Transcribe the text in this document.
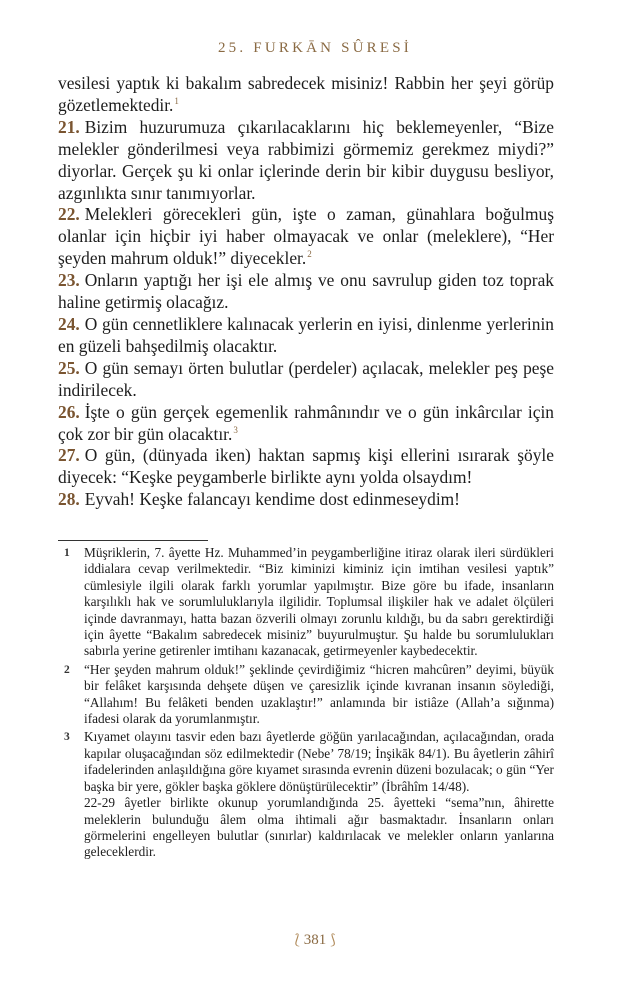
25. FURKĀN SÛRESİ

vesilesi yaptık ki bakalım sabredecek misiniz! Rabbin her şeyi görüp gözetlemektedir.$^1$

21. Bizim huzurumuza çıkarılacaklarını hiç beklemeyenler, “Bize melekler gönderilmesi veya rabbimizi görmemiz gerekmez miydi?” diyorlar. Gerçek şu ki onlar içlerinde derin bir kibir duygusu besliyor, azgınlıkta sınır tanımıyorlar.

22. Melekleri görecekleri gün, işte o zaman, günahlara boğulmuş olanlar için hiçbir iyi haber olmayacak ve onlar (meleklere), “Her şeyden mahrum olduk!” diyecekler.$^2$

23. Onların yaptığı her işi ele almış ve onu savrulup giden toz toprak haline getirmiş olacağız.

24. O gün cennetliklere kalınacak yerlerin en iyisi, dinlenme yerlerinin en güzeli bahşedilmiş olacaktır.

25. O gün semayı örten bulutlar (perdeler) açılacak, melekler peş peşe indirilecek.

26. İşte o gün gerçek egemenlik rahmânındır ve o gün inkârcılar için çok zor bir gün olacaktır.$^3$

27. O gün, (dünyada iken) haktan sapmış kişi ellerini ısırarak şöyle diyecek: “Keşke peygamberle birlikte aynı yolda olsaydım!

28. Eyvah! Keşke falancayı kendime dost edinmeseydim!

1	Müşriklerin, 7. âyette Hz. Muhammed’in peygamberliğine itiraz olarak ileri sürdükleri iddialara cevap verilmektedir. “Biz kiminizi kiminiz için imtihan vesilesi yaptık” cümlesiyle ilgili olarak farklı yorumlar yapılmıştır. Bize göre bu ifade, insanların karşılıklı hak ve sorumluluklarıyla ilgilidir. Toplumsal ilişkiler hak ve adalet ölçüleri içinde davranmayı, hatta bazan özverili olmayı zorunlu kıldığı, bu da sabrı gerektirdiği için âyette “Bakalım sabredecek misiniz” buyurulmuştur. Şu halde bu sorumlulukları sabırla yerine getirenler imtihanı kazanacak, getirmeyenler kaybedecektir.

2	“Her şeyden mahrum olduk!” şeklinde çevirdiğimiz “hicren mahcûren” deyimi, büyük bir felâket karşısında dehşete düşen ve çaresizlik içinde kıvranan insanın söylediği, “Allahım! Bu felâketi benden uzaklaştır!” anlamında bir istiâze (Allah’a sığınma) ifadesi olarak da yorumlanmıştır.

3	Kıyamet olayını tasvir eden bazı âyetlerde göğün yarılacağından, açılacağından, orada kapılar oluşacağından söz edilmektedir (Nebe’ 78/19; İnşikāk 84/1). Bu âyetlerin zâhirî ifadelerinden anlaşıldığına göre kıyamet sırasında evrenin düzeni bozulacak; o gün “Yer başka bir yere, gökler başka göklere dönüştürülecektir” (İbrâhîm 14/48).

22-29 âyetler birlikte okunup yorumlandığında 25. âyetteki “sema”nın, âhirette meleklerin bulunduğu âlem olma ihtimali ağır basmaktadır. İnsanların onları görmelerini engelleyen bulutlar (sınırlar) kaldırılacak ve melekler onların yanlarına geleceklerdir.

⟅ 381 ⟆
